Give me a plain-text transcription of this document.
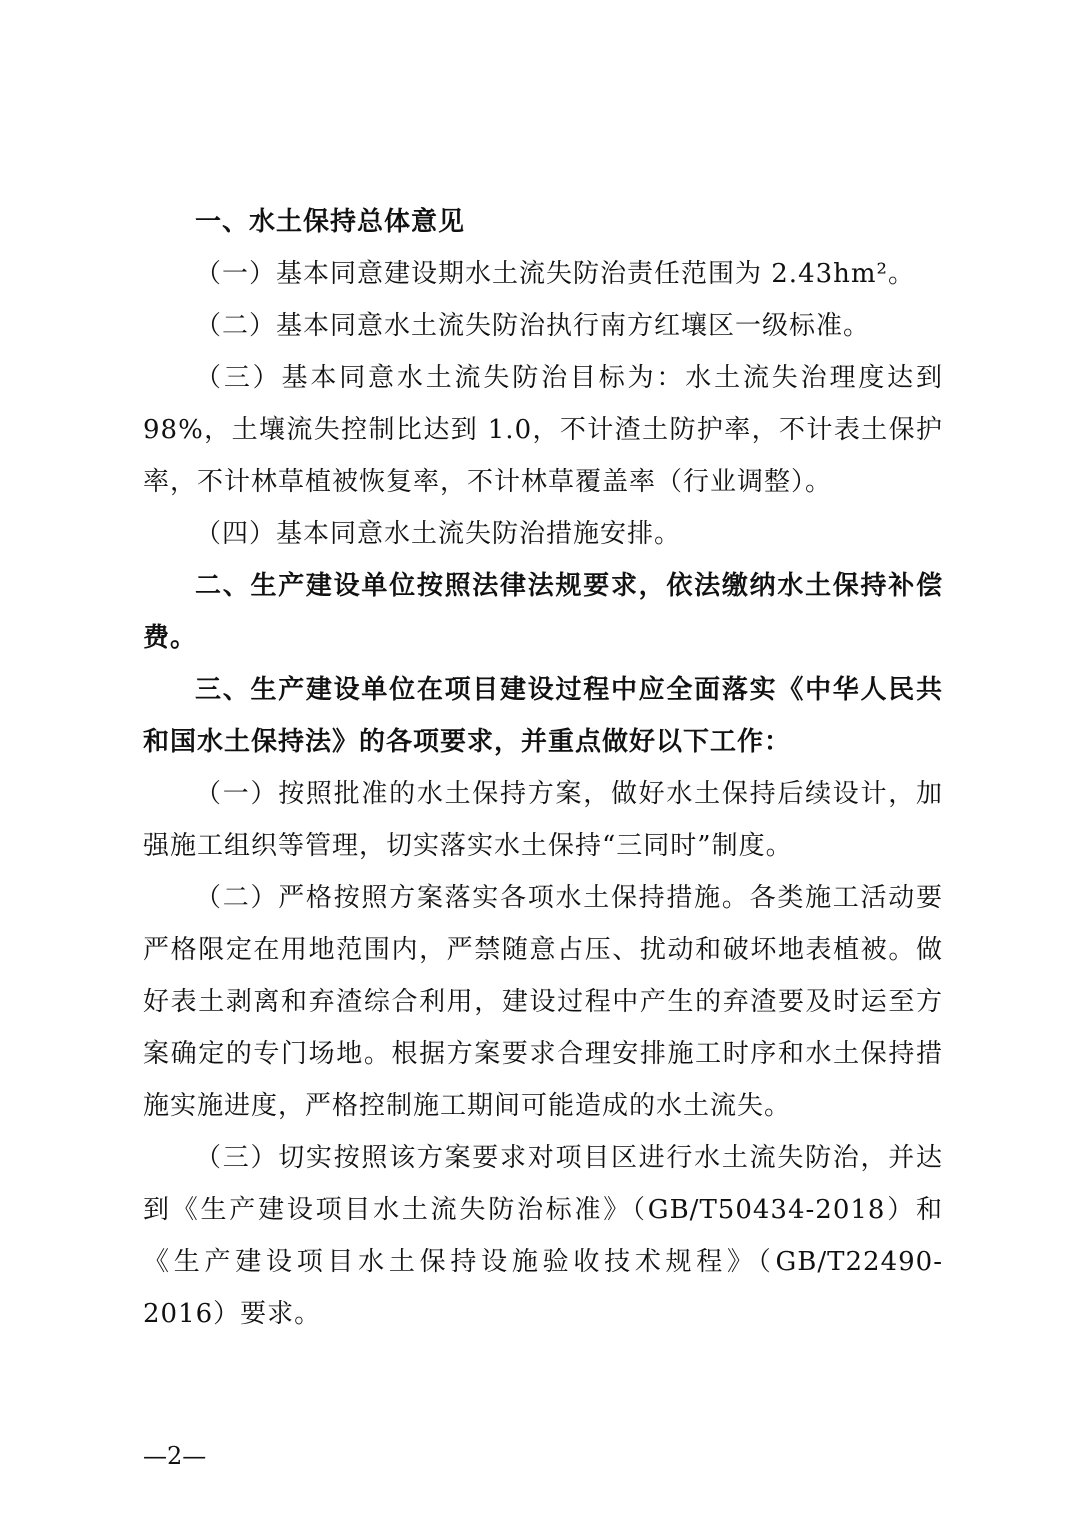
一、水土保持总体意见

（一）基本同意建设期水土流失防治责任范围为 2.43hm²。

（二）基本同意水土流失防治执行南方红壤区一级标准。

（三）基本同意水土流失防治目标为：水土流失治理度达到98%，土壤流失控制比达到 1.0，不计渣土防护率，不计表土保护率，不计林草植被恢复率，不计林草覆盖率（行业调整）。

（四）基本同意水土流失防治措施安排。

二、生产建设单位按照法律法规要求，依法缴纳水土保持补偿费。

三、生产建设单位在项目建设过程中应全面落实《中华人民共和国水土保持法》的各项要求，并重点做好以下工作：

（一）按照批准的水土保持方案，做好水土保持后续设计，加强施工组织等管理，切实落实水土保持“三同时”制度。

（二）严格按照方案落实各项水土保持措施。各类施工活动要严格限定在用地范围内，严禁随意占压、扰动和破坏地表植被。做好表土剥离和弃渣综合利用，建设过程中产生的弃渣要及时运至方案确定的专门场地。根据方案要求合理安排施工时序和水土保持措施实施进度，严格控制施工期间可能造成的水土流失。

（三）切实按照该方案要求对项目区进行水土流失防治，并达到《生产建设项目水土流失防治标准》（GB/T50434-2018）和《生产建设项目水土保持设施验收技术规程》（GB/T22490-2016）要求。

—2—
